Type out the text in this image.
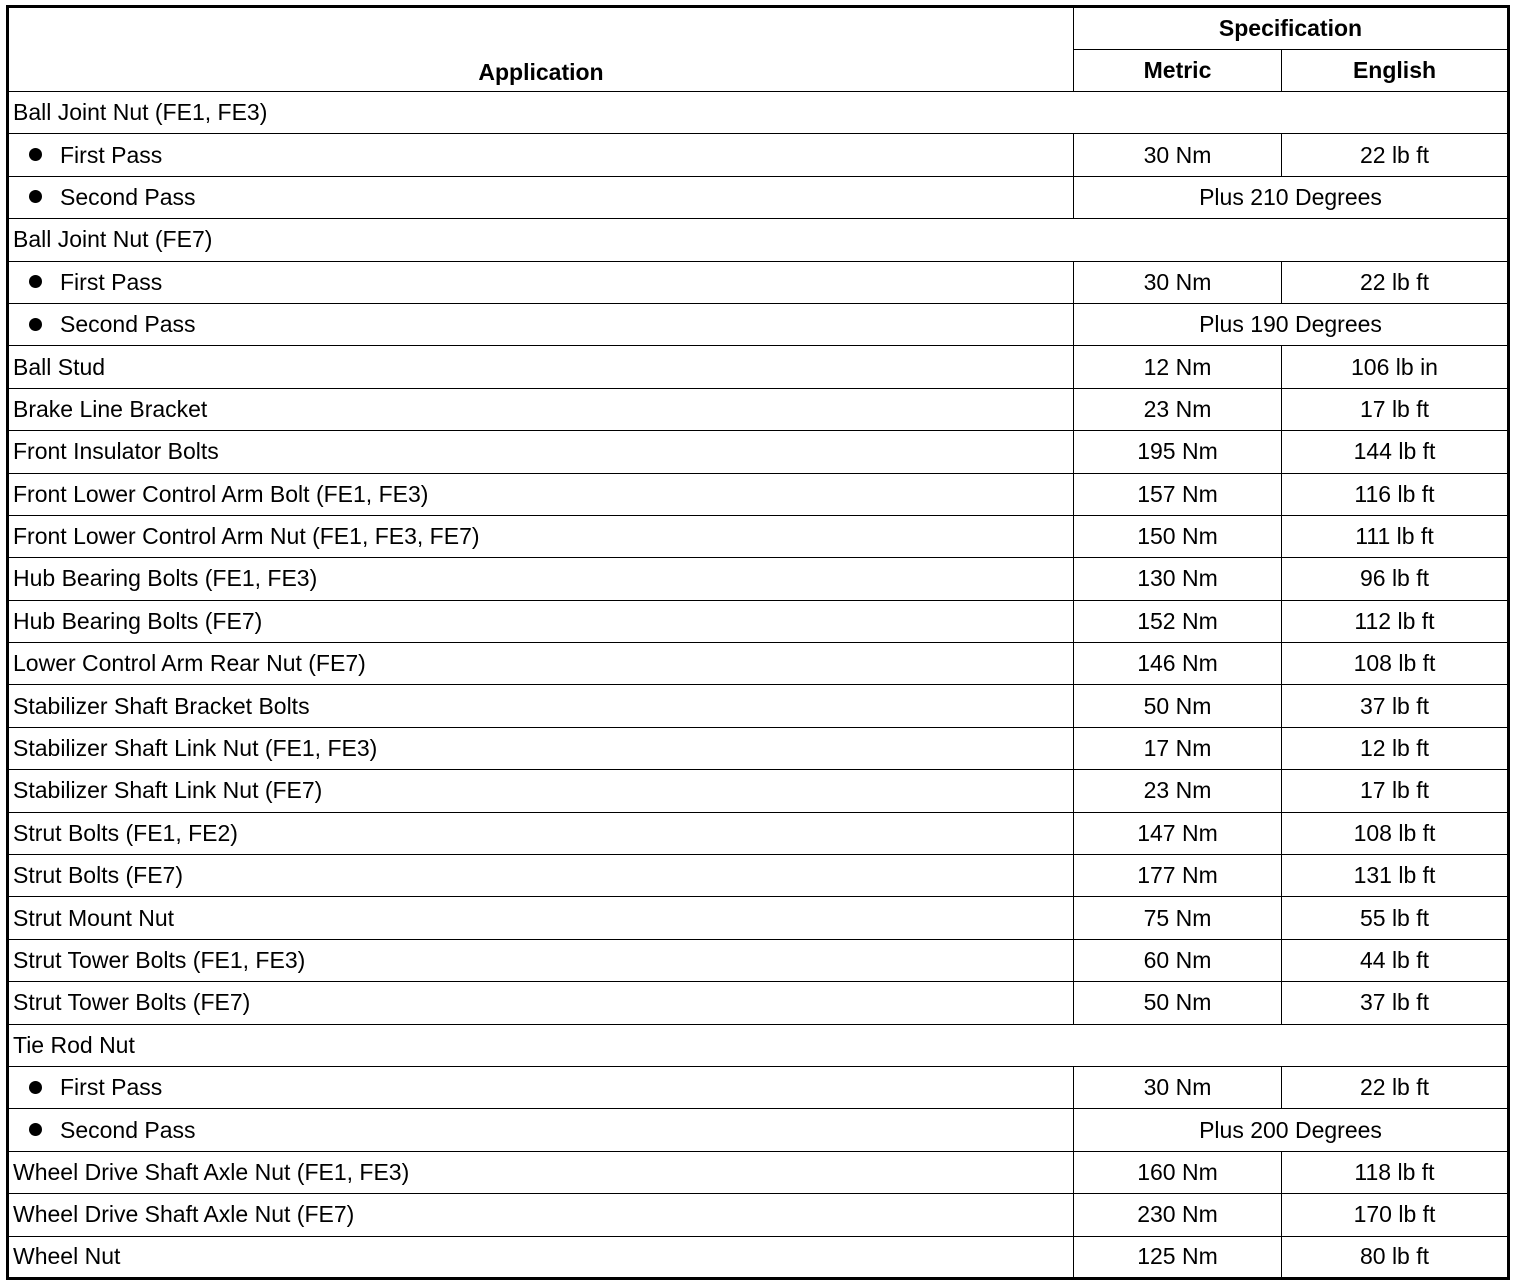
Application	Specification	
	Metric	English
Ball Joint Nut (FE1, FE3)		
First Pass	30 Nm	22 lb ft
Second Pass	Plus 210 Degrees	
Ball Joint Nut (FE7)		
First Pass	30 Nm	22 lb ft
Second Pass	Plus 190 Degrees	
Ball Stud	12 Nm	106 lb in
Brake Line Bracket	23 Nm	17 lb ft
Front Insulator Bolts	195 Nm	144 lb ft
Front Lower Control Arm Bolt (FE1, FE3)	157 Nm	116 lb ft
Front Lower Control Arm Nut (FE1, FE3, FE7)	150 Nm	111 lb ft
Hub Bearing Bolts (FE1, FE3)	130 Nm	96 lb ft
Hub Bearing Bolts (FE7)	152 Nm	112 lb ft
Lower Control Arm Rear Nut (FE7)	146 Nm	108 lb ft
Stabilizer Shaft Bracket Bolts	50 Nm	37 lb ft
Stabilizer Shaft Link Nut (FE1, FE3)	17 Nm	12 lb ft
Stabilizer Shaft Link Nut (FE7)	23 Nm	17 lb ft
Strut Bolts (FE1, FE2)	147 Nm	108 lb ft
Strut Bolts (FE7)	177 Nm	131 lb ft
Strut Mount Nut	75 Nm	55 lb ft
Strut Tower Bolts (FE1, FE3)	60 Nm	44 lb ft
Strut Tower Bolts (FE7)	50 Nm	37 lb ft
Tie Rod Nut		
First Pass	30 Nm	22 lb ft
Second Pass	Plus 200 Degrees	
Wheel Drive Shaft Axle Nut (FE1, FE3)	160 Nm	118 lb ft
Wheel Drive Shaft Axle Nut (FE7)	230 Nm	170 lb ft
Wheel Nut	125 Nm	80 lb ft
